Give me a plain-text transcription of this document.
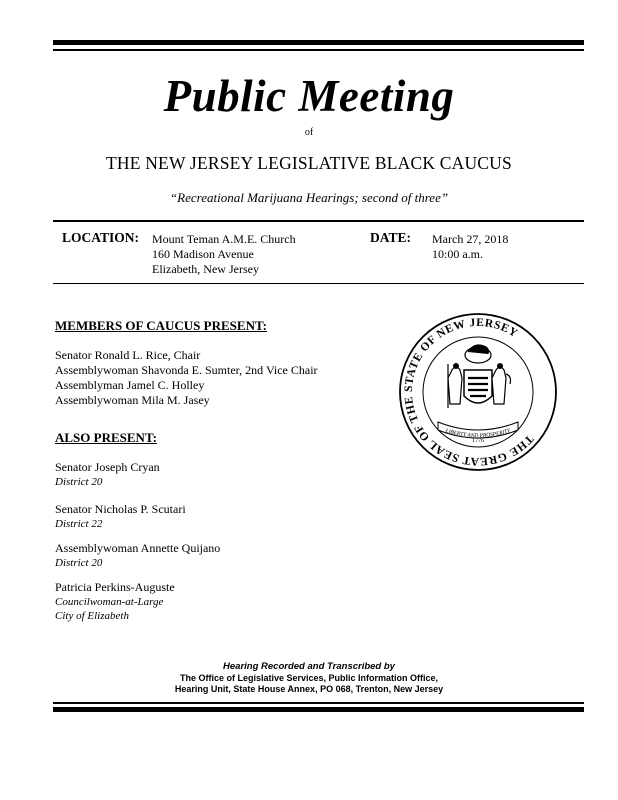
Public Meeting
of
THE NEW JERSEY LEGISLATIVE BLACK CAUCUS
“Recreational Marijuana Hearings; second of three”
LOCATION: Mount Teman A.M.E. Church
160 Madison Avenue
Elizabeth, New Jersey
DATE: March 27, 2018
10:00 a.m.
MEMBERS OF CAUCUS PRESENT:
Senator Ronald L. Rice, Chair
Assemblywoman Shavonda E. Sumter, 2nd Vice Chair
Assemblyman Jamel C. Holley
Assemblywoman Mila M. Jasey
ALSO PRESENT:
Senator Joseph Cryan
District 20
Senator Nicholas P. Scutari
District 22
Assemblywoman Annette Quijano
District 20
Patricia Perkins-Auguste
Councilwoman-at-Large
City of Elizabeth
THE GREAT SEAL OF THE STATE OF NEW JERSEY
LIBERTY AND PROSPERITY
1776
Hearing Recorded and Transcribed by
The Office of Legislative Services, Public Information Office,
Hearing Unit, State House Annex, PO 068, Trenton, New Jersey
